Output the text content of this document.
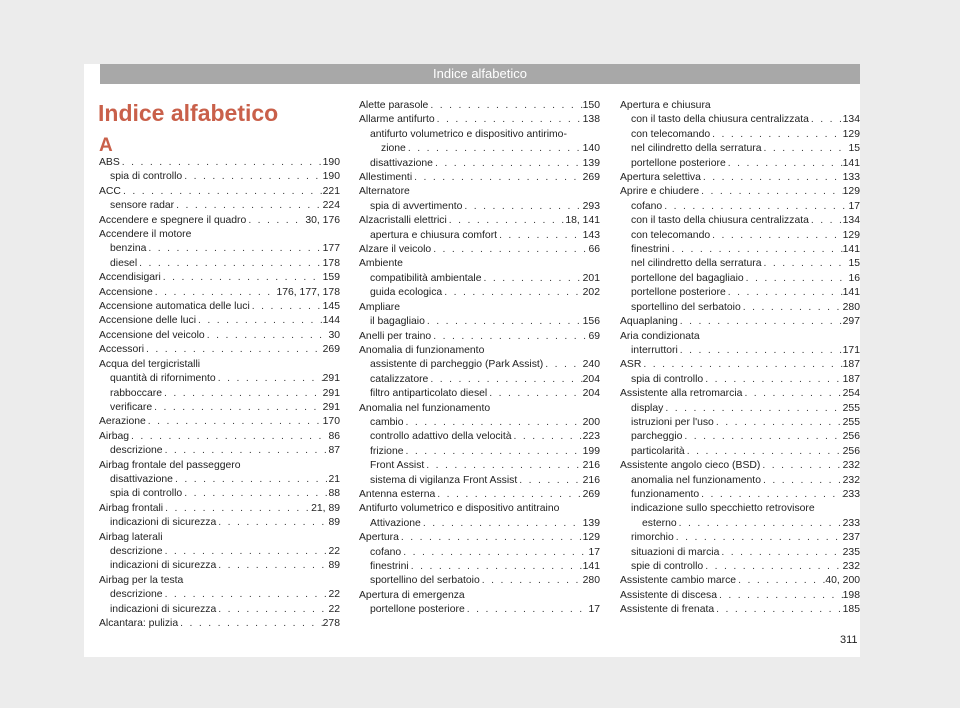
Indice alfabetico
Indice alfabetico
A
ABS . . .	190
spia di controllo . . .	190
ACC . . .	221
sensore radar . . .	224
Accendere e spegnere il quadro . . .	30, 176
Accendere il motore
benzina . . .	177
diesel . . .	178
Accendisigari . . .	159
Accensione . . .	176, 177, 178
Accensione automatica delle luci . . .	145
Accensione delle luci . . .	144
Accensione del veicolo . . .	30
Accessori . . .	269
Acqua del tergicristalli
quantità di rifornimento . . .	291
rabboccare . . .	291
verificare . . .	291
Aerazione . . .	170
Airbag . . .	86
descrizione . . .	87
Airbag frontale del passeggero
disattivazione . . .	21
spia di controllo . . .	88
Airbag frontali . . .	21, 89
indicazioni di sicurezza . . .	89
Airbag laterali
descrizione . . .	22
indicazioni di sicurezza . . .	89
Airbag per la testa
descrizione . . .	22
indicazioni di sicurezza . . .	22
Alcantara: pulizia . . .	278
Alette parasole . . .	150
Allarme antifurto . . .	138
antifurto volumetrico e dispositivo antirimo-
zione . . .	140
disattivazione . . .	139
Allestimenti . . .	269
Alternatore
spia di avvertimento . . .	293
Alzacristalli elettrici . . .	18, 141
apertura e chiusura comfort . . .	143
Alzare il veicolo . . .	66
Ambiente
compatibilità ambientale . . .	201
guida ecologica . . .	202
Ampliare
il bagagliaio . . .	156
Anelli per traino . . .	69
Anomalia di funzionamento
assistente di parcheggio (Park Assist) . . .	240
catalizzatore . . .	204
filtro antiparticolato diesel . . .	204
Anomalia nel funzionamento
cambio . . .	200
controllo adattivo della velocità . . .	223
frizione . . .	199
Front Assist . . .	216
sistema di vigilanza Front Assist . . .	216
Antenna esterna . . .	269
Antifurto volumetrico e dispositivo antitraino
Attivazione . . .	139
Apertura . . .	129
cofano . . .	17
finestrini . . .	141
sportellino del serbatoio . . .	280
Apertura di emergenza
portellone posteriore . . .	17
Apertura e chiusura
con il tasto della chiusura centralizzata . . .	134
con telecomando . . .	129
nel cilindretto della serratura . . .	15
portellone posteriore . . .	141
Apertura selettiva . . .	133
Aprire e chiudere . . .	129
cofano . . .	17
con il tasto della chiusura centralizzata . . .	134
con telecomando . . .	129
finestrini . . .	141
nel cilindretto della serratura . . .	15
portellone del bagagliaio . . .	16
portellone posteriore . . .	141
sportellino del serbatoio . . .	280
Aquaplaning . . .	297
Aria condizionata
interruttori . . .	171
ASR . . .	187
spia di controllo . . .	187
Assistente alla retromarcia . . .	254
display . . .	255
istruzioni per l'uso . . .	255
parcheggio . . .	256
particolarità . . .	256
Assistente angolo cieco (BSD) . . .	232
anomalia nel funzionamento . . .	232
funzionamento . . .	233
indicazione sullo specchietto retrovisore
esterno . . .	233
rimorchio . . .	237
situazioni di marcia . . .	235
spie di controllo . . .	232
Assistente cambio marce . . .	40, 200
Assistente di discesa . . .	198
Assistente di frenata . . .	185
311
